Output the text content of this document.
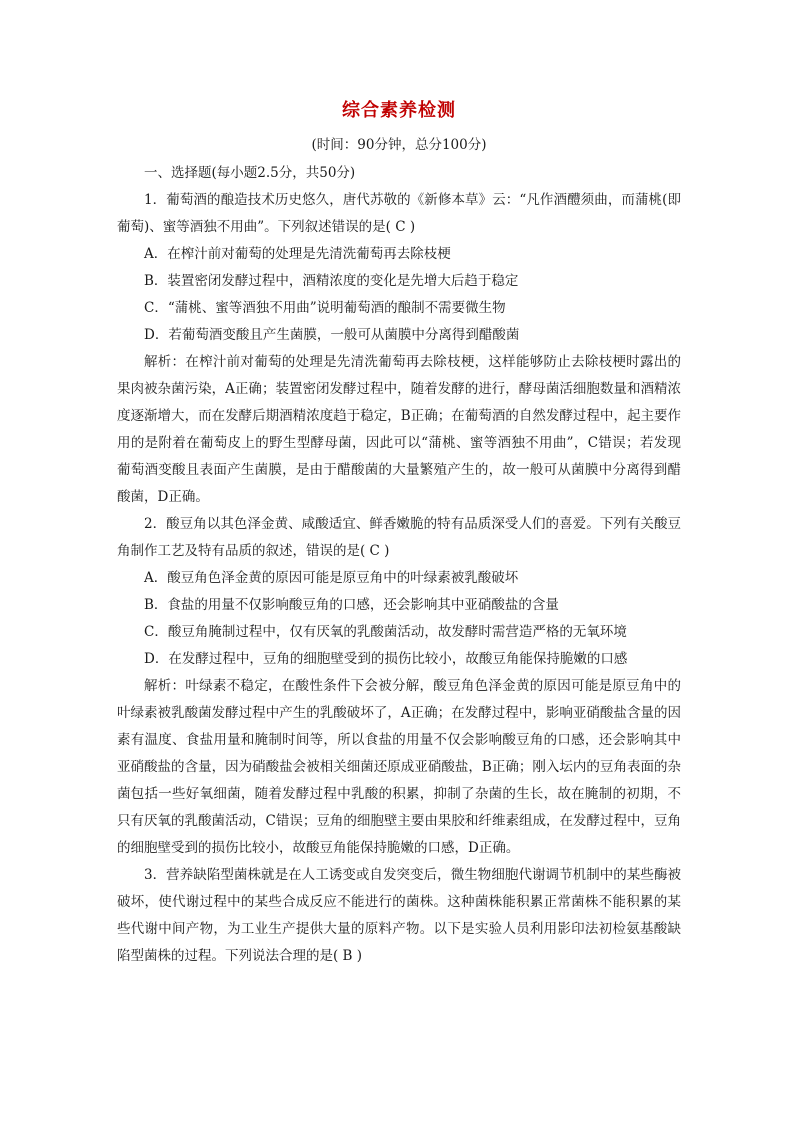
综合素养检测
(时间：90分钟，总分100分)

一、选择题(每小题2.5分，共50分)

1．葡萄酒的酿造技术历史悠久，唐代苏敬的《新修本草》云：“凡作酒醴须曲，而蒲桃(即葡萄)、蜜等酒独不用曲”。下列叙述错误的是( C )

A．在榨汁前对葡萄的处理是先清洗葡萄再去除枝梗

B．装置密闭发酵过程中，酒精浓度的变化是先增大后趋于稳定

C．“蒲桃、蜜等酒独不用曲”说明葡萄酒的酿制不需要微生物

D．若葡萄酒变酸且产生菌膜，一般可从菌膜中分离得到醋酸菌

解析：在榨汁前对葡萄的处理是先清洗葡萄再去除枝梗，这样能够防止去除枝梗时露出的果肉被杂菌污染，A正确；装置密闭发酵过程中，随着发酵的进行，酵母菌活细胞数量和酒精浓度逐渐增大，而在发酵后期酒精浓度趋于稳定，B正确；在葡萄酒的自然发酵过程中，起主要作用的是附着在葡萄皮上的野生型酵母菌，因此可以“蒲桃、蜜等酒独不用曲”，C错误；若发现葡萄酒变酸且表面产生菌膜，是由于醋酸菌的大量繁殖产生的，故一般可从菌膜中分离得到醋酸菌，D正确。

2．酸豆角以其色泽金黄、咸酸适宜、鲜香嫩脆的特有品质深受人们的喜爱。下列有关酸豆角制作工艺及特有品质的叙述，错误的是( C )

A．酸豆角色泽金黄的原因可能是原豆角中的叶绿素被乳酸破坏

B．食盐的用量不仅影响酸豆角的口感，还会影响其中亚硝酸盐的含量

C．酸豆角腌制过程中，仅有厌氧的乳酸菌活动，故发酵时需营造严格的无氧环境

D．在发酵过程中，豆角的细胞壁受到的损伤比较小，故酸豆角能保持脆嫩的口感

解析：叶绿素不稳定，在酸性条件下会被分解，酸豆角色泽金黄的原因可能是原豆角中的叶绿素被乳酸菌发酵过程中产生的乳酸破坏了，A正确；在发酵过程中，影响亚硝酸盐含量的因素有温度、食盐用量和腌制时间等，所以食盐的用量不仅会影响酸豆角的口感，还会影响其中亚硝酸盐的含量，因为硝酸盐会被相关细菌还原成亚硝酸盐，B正确；刚入坛内的豆角表面的杂菌包括一些好氧细菌，随着发酵过程中乳酸的积累，抑制了杂菌的生长，故在腌制的初期，不只有厌氧的乳酸菌活动，C错误；豆角的细胞壁主要由果胶和纤维素组成，在发酵过程中，豆角的细胞壁受到的损伤比较小，故酸豆角能保持脆嫩的口感，D正确。

3．营养缺陷型菌株就是在人工诱变或自发突变后，微生物细胞代谢调节机制中的某些酶被破坏，使代谢过程中的某些合成反应不能进行的菌株。这种菌株能积累正常菌株不能积累的某些代谢中间产物，为工业生产提供大量的原料产物。以下是实验人员利用影印法初检氨基酸缺陷型菌株的过程。下列说法合理的是( B )
